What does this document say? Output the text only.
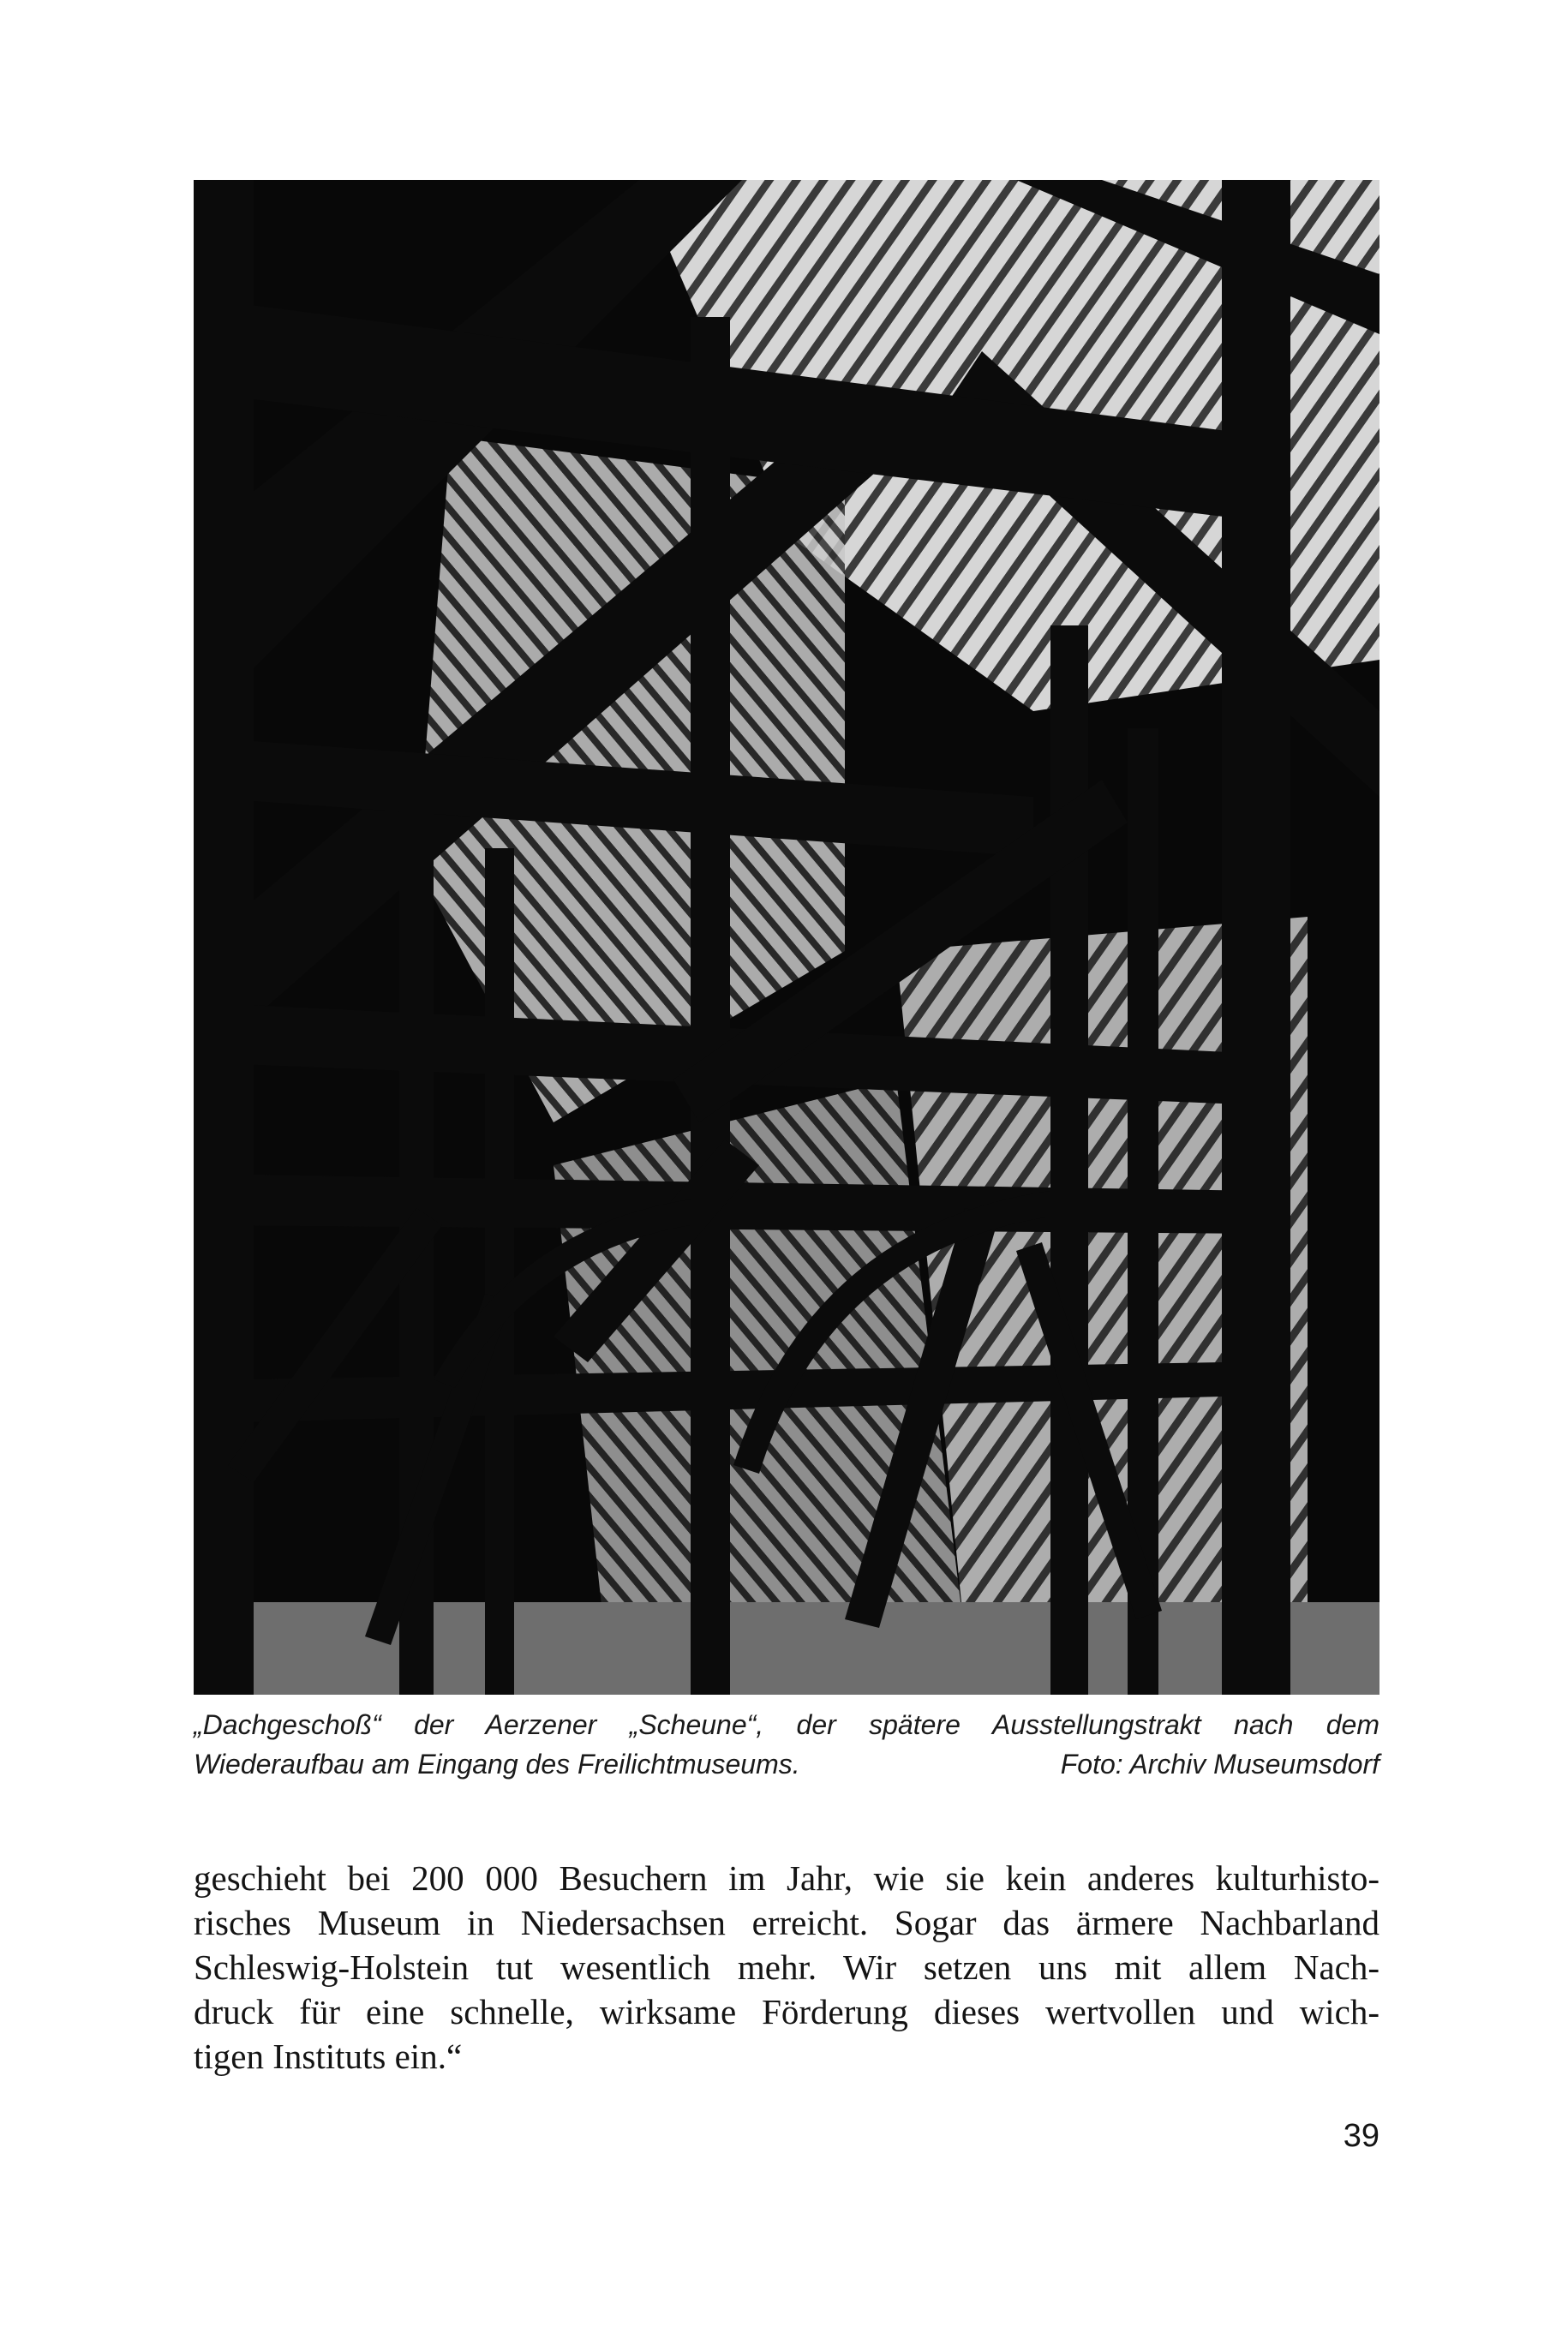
„Dachgeschoß“ der Aerzener „Scheune“, der spätere Ausstellungstrakt nach dem
Wiederaufbau am Eingang des Freilichtmuseums.	Foto: Archiv Museumsdorf
geschieht bei 200 000 Besuchern im Jahr, wie sie kein anderes kulturhisto-
risches Museum in Niedersachsen erreicht. Sogar das ärmere Nachbarland
Schleswig-Holstein tut wesentlich mehr. Wir setzen uns mit allem Nach-
druck für eine schnelle, wirksame Förderung dieses wertvollen und wich-
tigen Instituts ein.“
39
